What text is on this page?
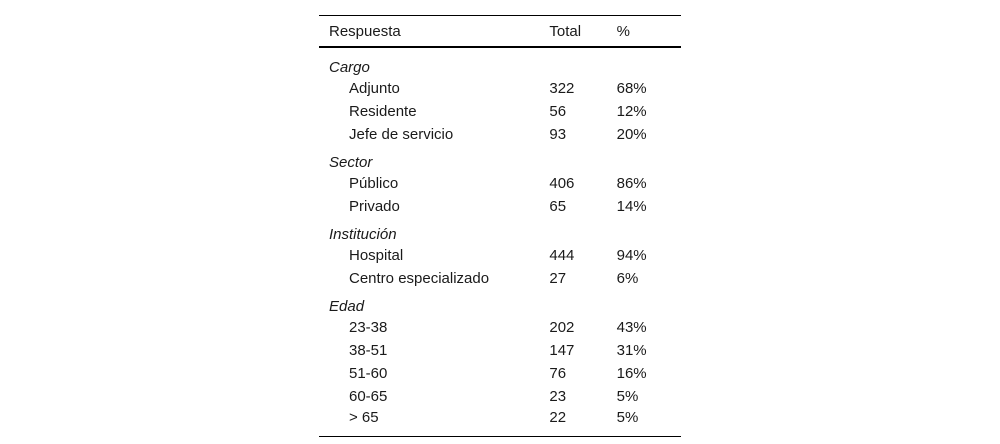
Respuesta	Total	%
Cargo		
Adjunto	322	68%
Residente	56	12%
Jefe de servicio	93	20%
Sector		
Público	406	86%
Privado	65	14%
Institución		
Hospital	444	94%
Centro especializado	27	6%
Edad		
23-38	202	43%
38-51	147	31%
51-60	76	16%
60-65	23	5%
> 65	22	5%
